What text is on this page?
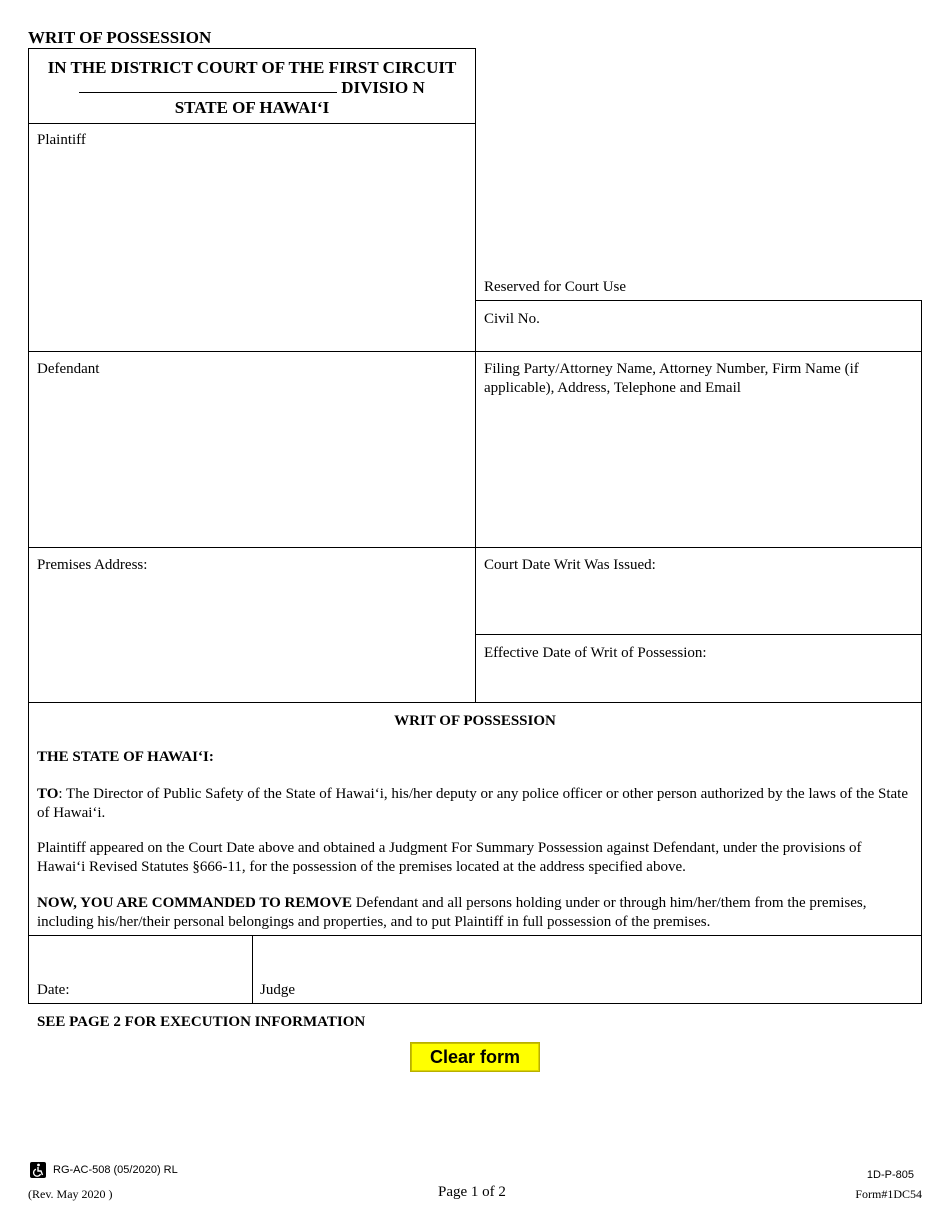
WRIT OF POSSESSION
IN THE DISTRICT COURT OF THE FIRST CIRCUIT
DIVISIO N
STATE OF HAWAI‘I
Plaintiff
Reserved for Court Use
Civil No.
Defendant	Filing Party/Attorney Name, Attorney Number, Firm Name (if applicable), Address, Telephone and Email
Premises Address:	Court Date Writ Was Issued:
Effective Date of Writ of Possession:
WRIT OF POSSESSION
THE STATE OF HAWAI‘I:
TO: The Director of Public Safety of the State of Hawai‘i, his/her deputy or any police officer or other person authorized by the laws of the State of Hawai‘i.
Plaintiff appeared on the Court Date above and obtained a Judgment For Summary Possession against Defendant, under the provisions of Hawai‘i Revised Statutes §666-11, for the possession of the premises located at the address specified above.
NOW, YOU ARE COMMANDED TO REMOVE Defendant and all persons holding under or through him/her/them from the premises, including his/her/their personal belongings and properties, and to put Plaintiff in full possession of the premises.
Date:	Judge
SEE PAGE 2 FOR EXECUTION INFORMATION
Clear form
RG-AC-508 (05/2020) RL
(Rev. May 2020 )	Page 1 of 2
1D-P-805
Form#1DC54
